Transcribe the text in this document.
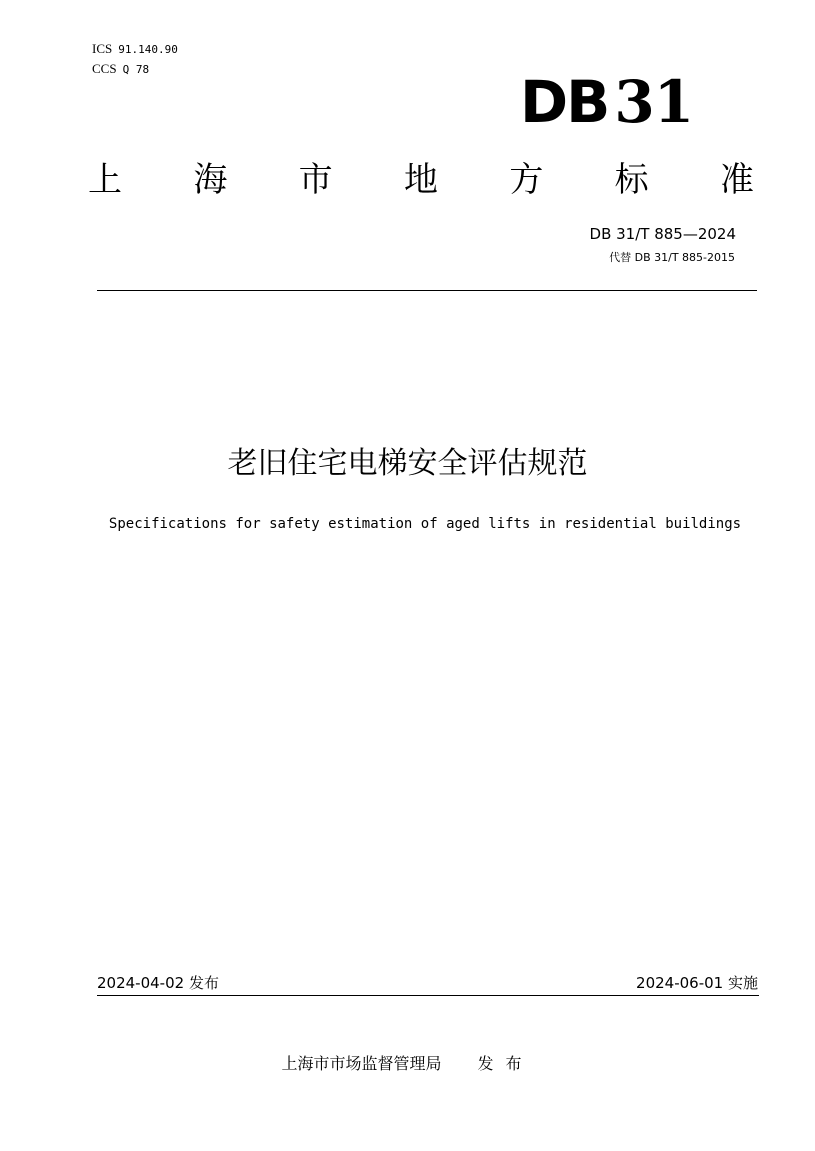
ICS 91.140.90
CCS Q 78	DB 31
上 海 市 地 方 标 准
DB 31/T 885—2024
代替 DB 31/T 885-2015
老旧住宅电梯安全评估规范
Specifications for safety estimation of aged lifts in residential buildings
2024-04-02 发布	2024-06-01 实施
上海市市场监督管理局 发布
